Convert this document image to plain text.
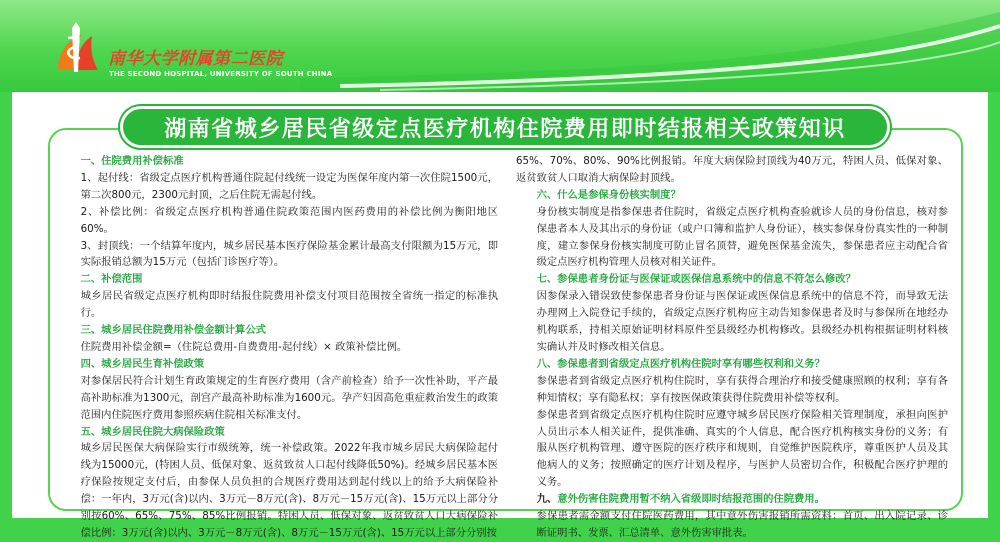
南华大学附属第二医院
THE SECOND HOSPITAL, UNIVERSITY OF SOUTH CHINA
湖南省城乡居民省级定点医疗机构住院费用即时结报相关政策知识

一、住院费用补偿标准

1、起付线：省级定点医疗机构普通住院起付线统一设定为医保年度内第一次住院1500元，第二次800元，2300元封顶，之后住院无需起付线。

2、补偿比例：省级定点医疗机构普通住院政策范围内医药费用的补偿比例为衡阳地区60%。

3、封顶线：一个结算年度内，城乡居民基本医疗保险基金累计最高支付限额为15万元，即实际报销总额为15万元（包括门诊医疗等）。

二、补偿范围

城乡居民省级定点医疗机构即时结报住院费用补偿支付项目范围按全省统一指定的标准执行。

三、城乡居民住院费用补偿金额计算公式

住院费用补偿金额=（住院总费用-自费费用-起付线）× 政策补偿比例。

四、城乡居民生育补偿政策

对参保居民符合计划生育政策规定的生育医疗费用（含产前检查）给予一次性补助，平产最高补助标准为1300元，剖宫产最高补助标准为1600元。孕产妇因高危重症救治发生的政策范围内住院医疗费用参照疾病住院相关标准支付。

五、城乡居民住院大病保险政策

城乡居民医保大病保险实行市级统筹，统一补偿政策。2022年我市城乡居民大病保险起付线为15000元，(特困人员、低保对象、返贫致贫人口起付线降低50%)。经城乡居民基本医疗保险按规定支付后，由参保人员负担的合规医疗费用达到起付线以上的给予大病保险补偿：一年内，3万元(含)以内、3万元－8万元(含)、8万元－15万元(含)、15万元以上部分分别按60%、65%、75%、85%比例报销。特困人员、低保对象、返贫致贫人口大病保险补偿比例：3万元(含)以内、3万元－8万元(含)、8万元－15万元(含)、15万元以上部分分别按

65%、70%、80%、90%比例报销。年度大病保险封顶线为40万元，特困人员、低保对象、返贫致贫人口取消大病保险封顶线。

六、什么是参保身份核实制度？

身份核实制度是指参保患者住院时，省级定点医疗机构查验就诊人员的身份信息，核对参保患者本人及其出示的身份证（或户口簿和监护人身份证），核实参保身份真实性的一种制度，建立参保身份核实制度可防止冒名顶替，避免医保基金流失，参保患者应主动配合省级定点医疗机构管理人员核对相关证件。

七、参保患者身份证与医保证或医保信息系统中的信息不符怎么修改？

因参保录入错误致使参保患者身份证与医保证或医保信息系统中的信息不符，而导致无法办理网上入院登记手续的，省级定点医疗机构应主动告知参保患者及时与参保所在地经办机构联系，持相关原始证明材料原件至县级经办机构修改。县级经办机构根据证明材料核实确认并及时修改相关信息。

八、参保患者到省级定点医疗机构住院时享有哪些权利和义务？

参保患者到省级定点医疗机构住院时，享有获得合理治疗和接受健康照顾的权利；享有各种知情权；享有隐私权；享有按医保政策获得住院费用补偿等权利。

参保患者到省级定点医疗机构住院时应遵守城乡居民医疗保险相关管理制度，承担向医护人员出示本人相关证件，提供准确、真实的个人信息，配合医疗机构核实身份的义务；有服从医疗机构管理、遵守医院的医疗秩序和规则，自觉维护医院秩序，尊重医护人员及其他病人的义务；按照确定的医疗计划及程序，与医护人员密切合作，积极配合医疗护理的义务。

九、意外伤害住院费用暂不纳入省级即时结报范围的住院费用。

参保患者需金额支付住院医药费用，其中意外伤害报销所需资料：首页、出入院记录、诊断证明书、发票、汇总清单、意外伤害审批表。
